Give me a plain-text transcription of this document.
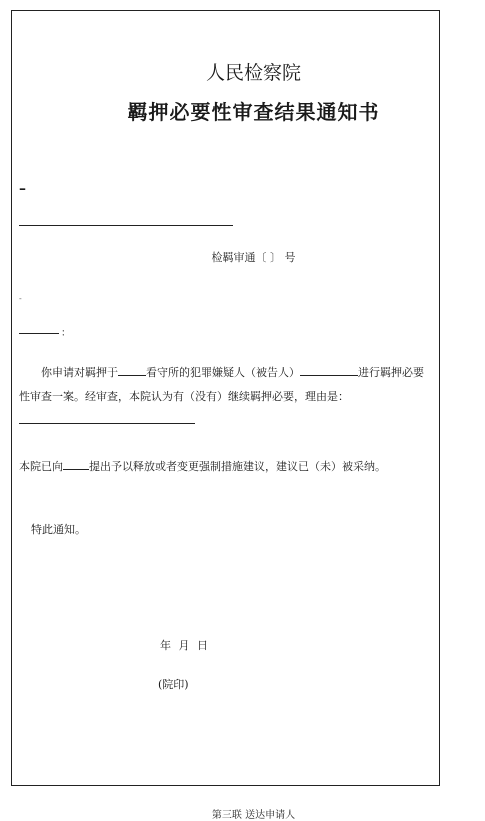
人民检察院
羁押必要性审查结果通知书
–
检羁审通〔 〕 号
-
：
你申请对羁押于	看守所的犯罪嫌疑人（被告人）	进行羁押必要性审查一案。经审查，本院认为有（没有）继续羁押必要，理由是：
本院已向 提出予以释放或者变更强制措施建议，建议已（未）被采纳。
特此通知。
年 月 日
(院印)
第三联 送达申请人
